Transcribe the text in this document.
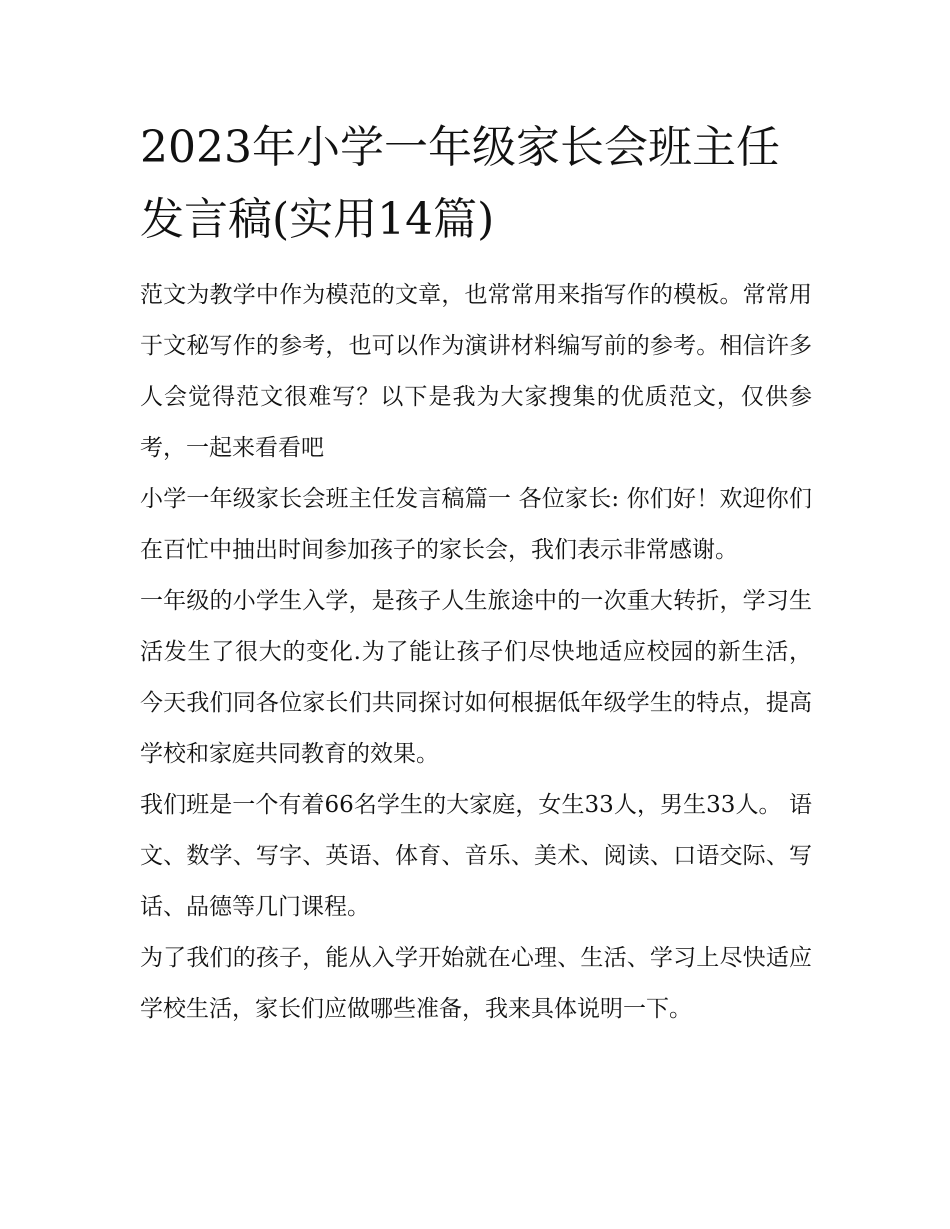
2023年小学一年级家长会班主任发言稿(实用14篇)

范文为教学中作为模范的文章，也常常用来指写作的模板。常常用于文秘写作的参考，也可以作为演讲材料编写前的参考。相信许多人会觉得范文很难写？以下是我为大家搜集的优质范文，仅供参考，一起来看看吧

小学一年级家长会班主任发言稿篇一 各位家长: 你们好！欢迎你们在百忙中抽出时间参加孩子的家长会，我们表示非常感谢。

一年级的小学生入学，是孩子人生旅途中的一次重大转折，学习生活发生了很大的变化.为了能让孩子们尽快地适应校园的新生活，今天我们同各位家长们共同探讨如何根据低年级学生的特点，提高学校和家庭共同教育的效果。

我们班是一个有着66名学生的大家庭，女生33人，男生33人。 语文、数学、写字、英语、体育、音乐、美术、阅读、口语交际、写话、品德等几门课程。

为了我们的孩子，能从入学开始就在心理、生活、学习上尽快适应学校生活，家长们应做哪些准备，我来具体说明一下。
